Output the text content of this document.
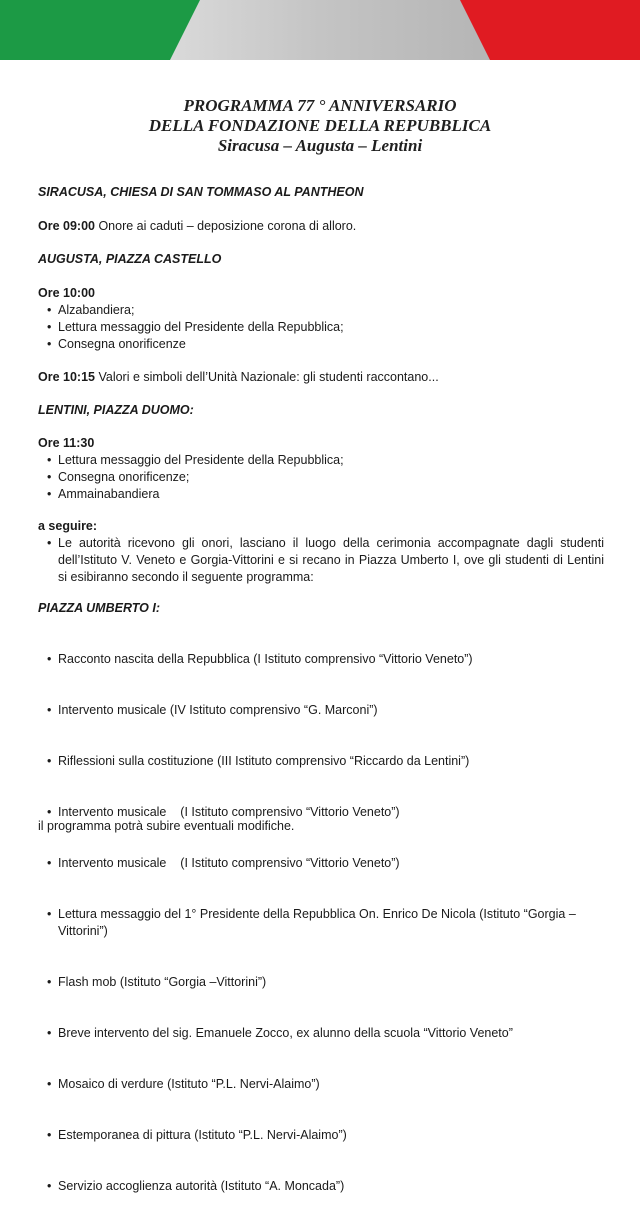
PROGRAMMA 77 ° ANNIVERSARIO
DELLA FONDAZIONE DELLA REPUBBLICA
Siracusa – Augusta – Lentini
SIRACUSA, CHIESA DI SAN TOMMASO AL PANTHEON
Ore 09:00 Onore ai caduti – deposizione corona di alloro.
AUGUSTA, PIAZZA CASTELLO
Ore 10:00
• Alzabandiera;
• Lettura messaggio del Presidente della Repubblica;
• Consegna onorificenze
Ore 10:15 Valori e simboli dell’Unità Nazionale: gli studenti raccontano...
LENTINI, PIAZZA DUOMO:
Ore 11:30
• Lettura messaggio del Presidente della Repubblica;
• Consegna onorificenze;
• Ammainabandiera
a seguire:
• Le autorità ricevono gli onori, lasciano il luogo della cerimonia accompagnate dagli studenti dell’Istituto V. Veneto e Gorgia-Vittorini e si recano in Piazza Umberto I, ove gli studenti di Lentini si esibiranno secondo il seguente programma:
PIAZZA UMBERTO I:

• Racconto nascita della Repubblica (I Istituto comprensivo “Vittorio Veneto”)

• Intervento musicale (IV Istituto comprensivo “G. Marconi”)

• Riflessioni sulla costituzione (III Istituto comprensivo “Riccardo da Lentini”)

• Intervento musicale    (I Istituto comprensivo “Vittorio Veneto”)

• Intervento musicale    (I Istituto comprensivo “Vittorio Veneto”)

• Lettura messaggio del 1° Presidente della Repubblica On. Enrico De Nicola (Istituto “Gorgia –Vittorini”)

• Flash mob (Istituto “Gorgia –Vittorini”)

• Breve intervento del sig. Emanuele Zocco, ex alunno della scuola “Vittorio Veneto”

• Mosaico di verdure (Istituto “P.L. Nervi-Alaimo”)

• Estemporanea di pittura (Istituto “P.L. Nervi-Alaimo”)

• Servizio accoglienza autorità (Istituto “A. Moncada”)

il programma potrà subire eventuali modifiche.
